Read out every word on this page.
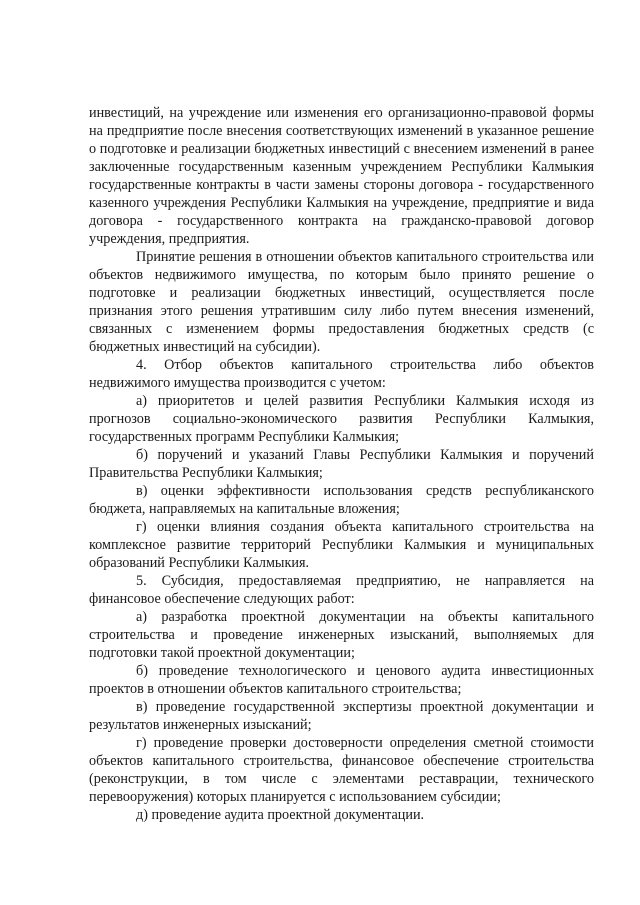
инвестиций, на учреждение или изменения его организационно-правовой формы на предприятие после внесения соответствующих изменений в указанное решение о подготовке и реализации бюджетных инвестиций с внесением изменений в ранее заключенные государственным казенным учреждением Республики Калмыкия государственные контракты в части замены стороны договора - государственного казенного учреждения Республики Калмыкия на учреждение, предприятие и вида договора - государственного контракта на гражданско-правовой договор учреждения, предприятия.

Принятие решения в отношении объектов капитального строительства или объектов недвижимого имущества, по которым было принято решение о подготовке и реализации бюджетных инвестиций, осуществляется после признания этого решения утратившим силу либо путем внесения изменений, связанных с изменением формы предоставления бюджетных средств (с бюджетных инвестиций на субсидии).

4. Отбор объектов капитального строительства либо объектов недвижимого имущества производится с учетом:

а) приоритетов и целей развития Республики Калмыкия исходя из прогнозов социально-экономического развития Республики Калмыкия, государственных программ Республики Калмыкия;

б) поручений и указаний Главы Республики Калмыкия и поручений Правительства Республики Калмыкия;

в) оценки эффективности использования средств республиканского бюджета, направляемых на капитальные вложения;

г) оценки влияния создания объекта капитального строительства на комплексное развитие территорий Республики Калмыкия и муниципальных образований Республики Калмыкия.

5. Субсидия, предоставляемая предприятию, не направляется на финансовое обеспечение следующих работ:

а) разработка проектной документации на объекты капитального строительства и проведение инженерных изысканий, выполняемых для подготовки такой проектной документации;

б) проведение технологического и ценового аудита инвестиционных проектов в отношении объектов капитального строительства;

в) проведение государственной экспертизы проектной документации и результатов инженерных изысканий;

г) проведение проверки достоверности определения сметной стоимости объектов капитального строительства, финансовое обеспечение строительства (реконструкции, в том числе с элементами реставрации, технического перевооружения) которых планируется с использованием субсидии;

д) проведение аудита проектной документации.
